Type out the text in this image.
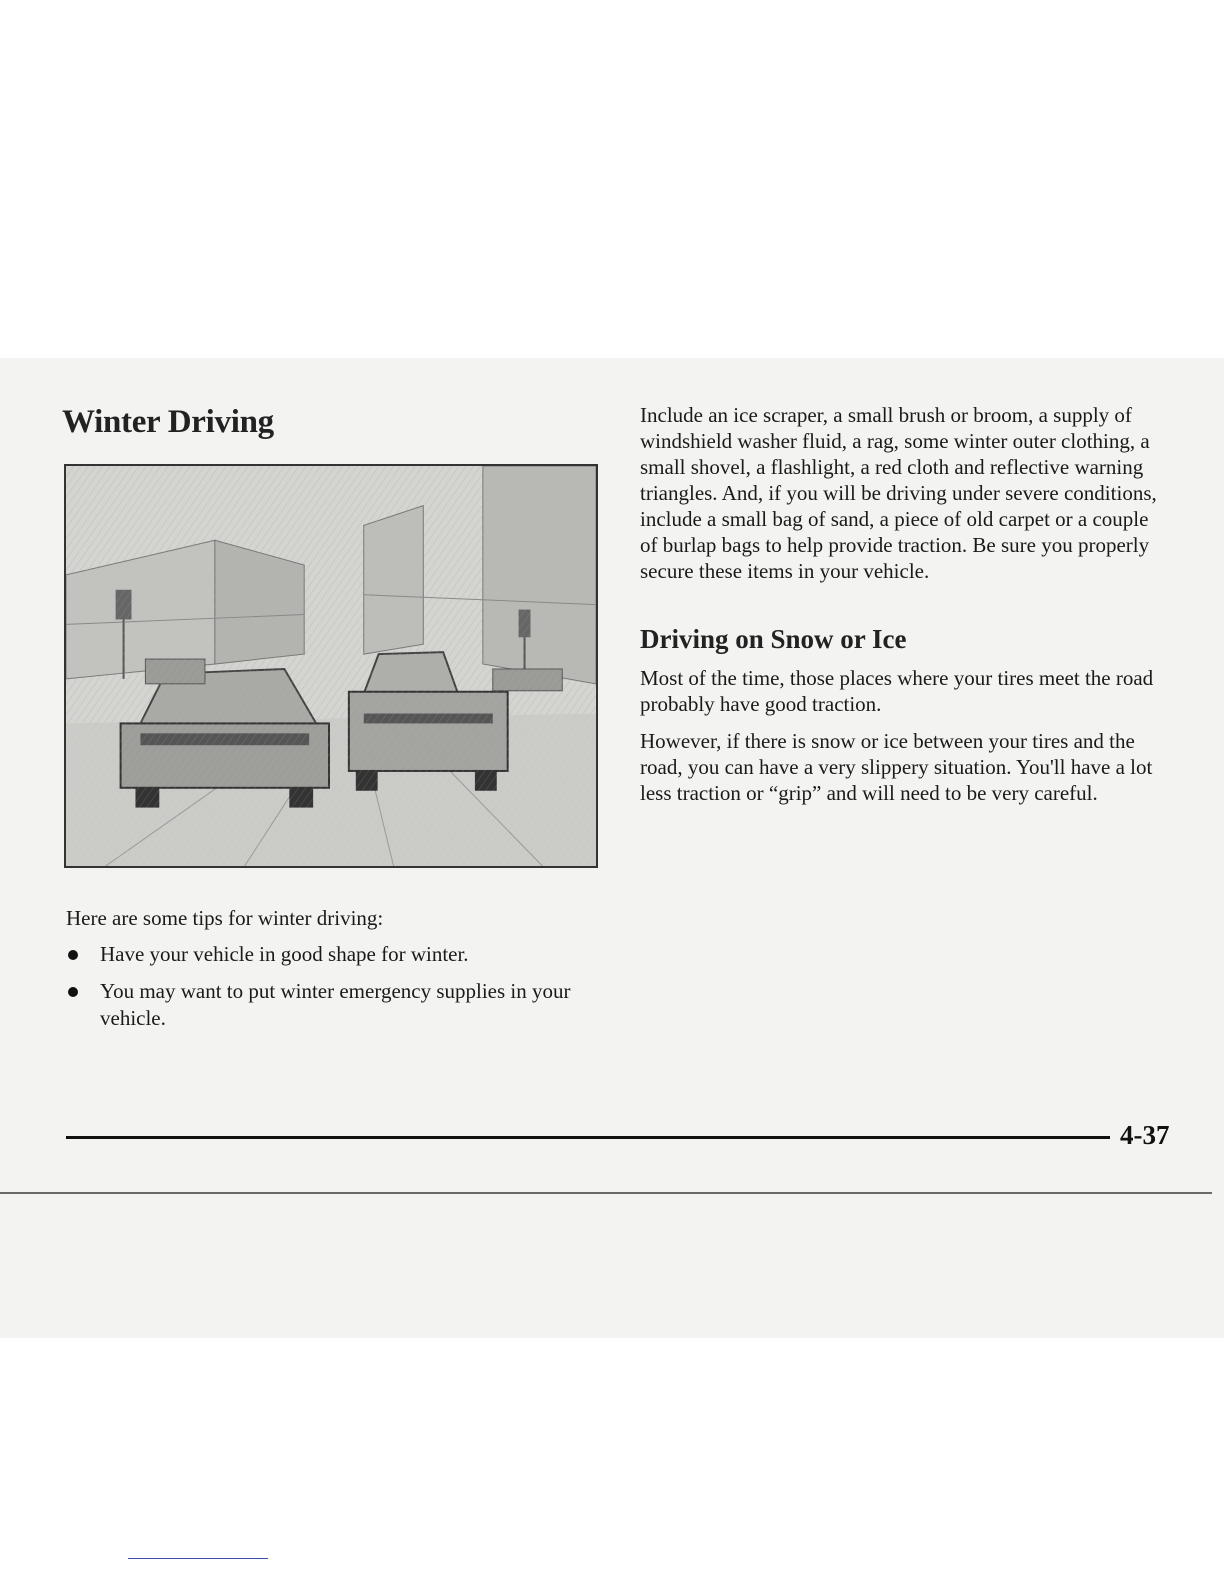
Winter Driving

Here are some tips for winter driving:

Have your vehicle in good shape for winter.
You may want to put winter emergency supplies in your vehicle.

Include an ice scraper, a small brush or broom, a supply of windshield washer fluid, a rag, some winter outer clothing, a small shovel, a flashlight, a red cloth and reflective warning triangles. And, if you will be driving under severe conditions, include a small bag of sand, a piece of old carpet or a couple of burlap bags to help provide traction. Be sure you properly secure these items in your vehicle.

Driving on Snow or Ice

Most of the time, those places where your tires meet the road probably have good traction.

However, if there is snow or ice between your tires and the road, you can have a very slippery situation. You'll have a lot less traction or “grip” and will need to be very careful.

4-37
